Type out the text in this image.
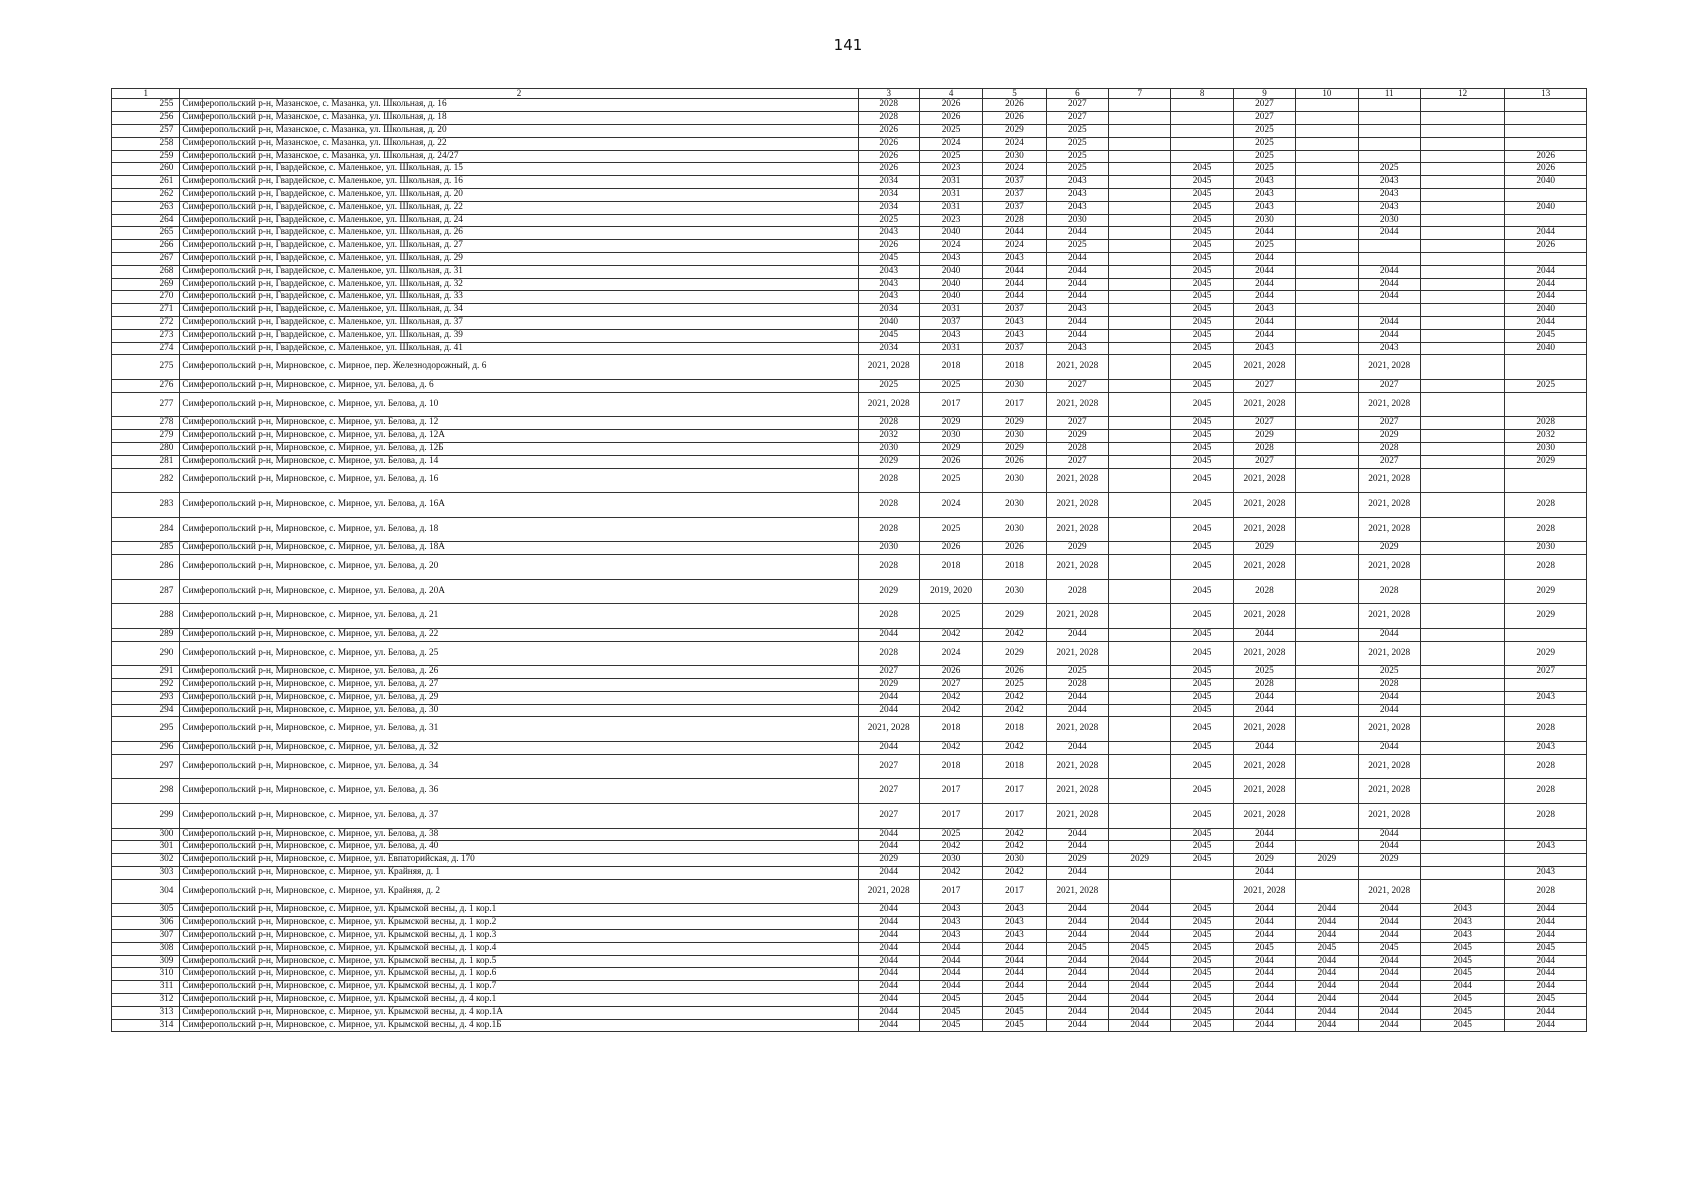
141
1	2	3	4	5	6	7	8	9	10	11	12	13
255	Симферопольский р-н, Мазанское, с. Мазанка, ул. Школьная, д. 16	2028	2026	2026	2027			2027				
256	Симферопольский р-н, Мазанское, с. Мазанка, ул. Школьная, д. 18	2028	2026	2026	2027			2027				
257	Симферопольский р-н, Мазанское, с. Мазанка, ул. Школьная, д. 20	2026	2025	2029	2025			2025				
258	Симферопольский р-н, Мазанское, с. Мазанка, ул. Школьная, д. 22	2026	2024	2024	2025			2025				
259	Симферопольский р-н, Мазанское, с. Мазанка, ул. Школьная, д. 24/27	2026	2025	2030	2025			2025				2026
260	Симферопольский р-н, Гвардейское, с. Маленькое, ул. Школьная, д. 15	2026	2023	2024	2025		2045	2025		2025		2026
261	Симферопольский р-н, Гвардейское, с. Маленькое, ул. Школьная, д. 16	2034	2031	2037	2043		2045	2043		2043		2040
262	Симферопольский р-н, Гвардейское, с. Маленькое, ул. Школьная, д. 20	2034	2031	2037	2043		2045	2043		2043		
263	Симферопольский р-н, Гвардейское, с. Маленькое, ул. Школьная, д. 22	2034	2031	2037	2043		2045	2043		2043		2040
264	Симферопольский р-н, Гвардейское, с. Маленькое, ул. Школьная, д. 24	2025	2023	2028	2030		2045	2030		2030		
265	Симферопольский р-н, Гвардейское, с. Маленькое, ул. Школьная, д. 26	2043	2040	2044	2044		2045	2044		2044		2044
266	Симферопольский р-н, Гвардейское, с. Маленькое, ул. Школьная, д. 27	2026	2024	2024	2025		2045	2025				2026
267	Симферопольский р-н, Гвардейское, с. Маленькое, ул. Школьная, д. 29	2045	2043	2043	2044		2045	2044				
268	Симферопольский р-н, Гвардейское, с. Маленькое, ул. Школьная, д. 31	2043	2040	2044	2044		2045	2044		2044		2044
269	Симферопольский р-н, Гвардейское, с. Маленькое, ул. Школьная, д. 32	2043	2040	2044	2044		2045	2044		2044		2044
270	Симферопольский р-н, Гвардейское, с. Маленькое, ул. Школьная, д. 33	2043	2040	2044	2044		2045	2044		2044		2044
271	Симферопольский р-н, Гвардейское, с. Маленькое, ул. Школьная, д. 34	2034	2031	2037	2043		2045	2043				2040
272	Симферопольский р-н, Гвардейское, с. Маленькое, ул. Школьная, д. 37	2040	2037	2043	2044		2045	2044		2044		2044
273	Симферопольский р-н, Гвардейское, с. Маленькое, ул. Школьная, д. 39	2045	2043	2043	2044		2045	2044		2044		2045
274	Симферопольский р-н, Гвардейское, с. Маленькое, ул. Школьная, д. 41	2034	2031	2037	2043		2045	2043		2043		2040
275	Симферопольский р-н, Мирновское, с. Мирное, пер. Железнодорожный, д. 6	2021, 2028	2018	2018	2021, 2028		2045	2021, 2028		2021, 2028		
276	Симферопольский р-н, Мирновское, с. Мирное, ул. Белова, д. 6	2025	2025	2030	2027		2045	2027		2027		2025
277	Симферопольский р-н, Мирновское, с. Мирное, ул. Белова, д. 10	2021, 2028	2017	2017	2021, 2028		2045	2021, 2028		2021, 2028		
278	Симферопольский р-н, Мирновское, с. Мирное, ул. Белова, д. 12	2028	2029	2029	2027		2045	2027		2027		2028
279	Симферопольский р-н, Мирновское, с. Мирное, ул. Белова, д. 12А	2032	2030	2030	2029		2045	2029		2029		2032
280	Симферопольский р-н, Мирновское, с. Мирное, ул. Белова, д. 12Б	2030	2029	2029	2028		2045	2028		2028		2030
281	Симферопольский р-н, Мирновское, с. Мирное, ул. Белова, д. 14	2029	2026	2026	2027		2045	2027		2027		2029
282	Симферопольский р-н, Мирновское, с. Мирное, ул. Белова, д. 16	2028	2025	2030	2021, 2028		2045	2021, 2028		2021, 2028		
283	Симферопольский р-н, Мирновское, с. Мирное, ул. Белова, д. 16А	2028	2024	2030	2021, 2028		2045	2021, 2028		2021, 2028		2028
284	Симферопольский р-н, Мирновское, с. Мирное, ул. Белова, д. 18	2028	2025	2030	2021, 2028		2045	2021, 2028		2021, 2028		2028
285	Симферопольский р-н, Мирновское, с. Мирное, ул. Белова, д. 18А	2030	2026	2026	2029		2045	2029		2029		2030
286	Симферопольский р-н, Мирновское, с. Мирное, ул. Белова, д. 20	2028	2018	2018	2021, 2028		2045	2021, 2028		2021, 2028		2028
287	Симферопольский р-н, Мирновское, с. Мирное, ул. Белова, д. 20А	2029	2019, 2020	2030	2028		2045	2028		2028		2029
288	Симферопольский р-н, Мирновское, с. Мирное, ул. Белова, д. 21	2028	2025	2029	2021, 2028		2045	2021, 2028		2021, 2028		2029
289	Симферопольский р-н, Мирновское, с. Мирное, ул. Белова, д. 22	2044	2042	2042	2044		2045	2044		2044		
290	Симферопольский р-н, Мирновское, с. Мирное, ул. Белова, д. 25	2028	2024	2029	2021, 2028		2045	2021, 2028		2021, 2028		2029
291	Симферопольский р-н, Мирновское, с. Мирное, ул. Белова, д. 26	2027	2026	2026	2025		2045	2025		2025		2027
292	Симферопольский р-н, Мирновское, с. Мирное, ул. Белова, д. 27	2029	2027	2025	2028		2045	2028		2028		
293	Симферопольский р-н, Мирновское, с. Мирное, ул. Белова, д. 29	2044	2042	2042	2044		2045	2044		2044		2043
294	Симферопольский р-н, Мирновское, с. Мирное, ул. Белова, д. 30	2044	2042	2042	2044		2045	2044		2044		
295	Симферопольский р-н, Мирновское, с. Мирное, ул. Белова, д. 31	2021, 2028	2018	2018	2021, 2028		2045	2021, 2028		2021, 2028		2028
296	Симферопольский р-н, Мирновское, с. Мирное, ул. Белова, д. 32	2044	2042	2042	2044		2045	2044		2044		2043
297	Симферопольский р-н, Мирновское, с. Мирное, ул. Белова, д. 34	2027	2018	2018	2021, 2028		2045	2021, 2028		2021, 2028		2028
298	Симферопольский р-н, Мирновское, с. Мирное, ул. Белова, д. 36	2027	2017	2017	2021, 2028		2045	2021, 2028		2021, 2028		2028
299	Симферопольский р-н, Мирновское, с. Мирное, ул. Белова, д. 37	2027	2017	2017	2021, 2028		2045	2021, 2028		2021, 2028		2028
300	Симферопольский р-н, Мирновское, с. Мирное, ул. Белова, д. 38	2044	2025	2042	2044		2045	2044		2044		
301	Симферопольский р-н, Мирновское, с. Мирное, ул. Белова, д. 40	2044	2042	2042	2044		2045	2044		2044		2043
302	Симферопольский р-н, Мирновское, с. Мирное, ул. Евпаторийская, д. 170	2029	2030	2030	2029	2029	2045	2029	2029	2029		
303	Симферопольский р-н, Мирновское, с. Мирное, ул. Крайняя, д. 1	2044	2042	2042	2044			2044				2043
304	Симферопольский р-н, Мирновское, с. Мирное, ул. Крайняя, д. 2	2021, 2028	2017	2017	2021, 2028			2021, 2028		2021, 2028		2028
305	Симферопольский р-н, Мирновское, с. Мирное, ул. Крымской весны, д. 1 кор.1	2044	2043	2043	2044	2044	2045	2044	2044	2044	2043	2044
306	Симферопольский р-н, Мирновское, с. Мирное, ул. Крымской весны, д. 1 кор.2	2044	2043	2043	2044	2044	2045	2044	2044	2044	2043	2044
307	Симферопольский р-н, Мирновское, с. Мирное, ул. Крымской весны, д. 1 кор.3	2044	2043	2043	2044	2044	2045	2044	2044	2044	2043	2044
308	Симферопольский р-н, Мирновское, с. Мирное, ул. Крымской весны, д. 1 кор.4	2044	2044	2044	2045	2045	2045	2045	2045	2045	2045	2045
309	Симферопольский р-н, Мирновское, с. Мирное, ул. Крымской весны, д. 1 кор.5	2044	2044	2044	2044	2044	2045	2044	2044	2044	2045	2044
310	Симферопольский р-н, Мирновское, с. Мирное, ул. Крымской весны, д. 1 кор.6	2044	2044	2044	2044	2044	2045	2044	2044	2044	2045	2044
311	Симферопольский р-н, Мирновское, с. Мирное, ул. Крымской весны, д. 1 кор.7	2044	2044	2044	2044	2044	2045	2044	2044	2044	2044	2044
312	Симферопольский р-н, Мирновское, с. Мирное, ул. Крымской весны, д. 4 кор.1	2044	2045	2045	2044	2044	2045	2044	2044	2044	2045	2045
313	Симферопольский р-н, Мирновское, с. Мирное, ул. Крымской весны, д. 4 кор.1А	2044	2045	2045	2044	2044	2045	2044	2044	2044	2045	2044
314	Симферопольский р-н, Мирновское, с. Мирное, ул. Крымской весны, д. 4 кор.1Б	2044	2045	2045	2044	2044	2045	2044	2044	2044	2045	2044
